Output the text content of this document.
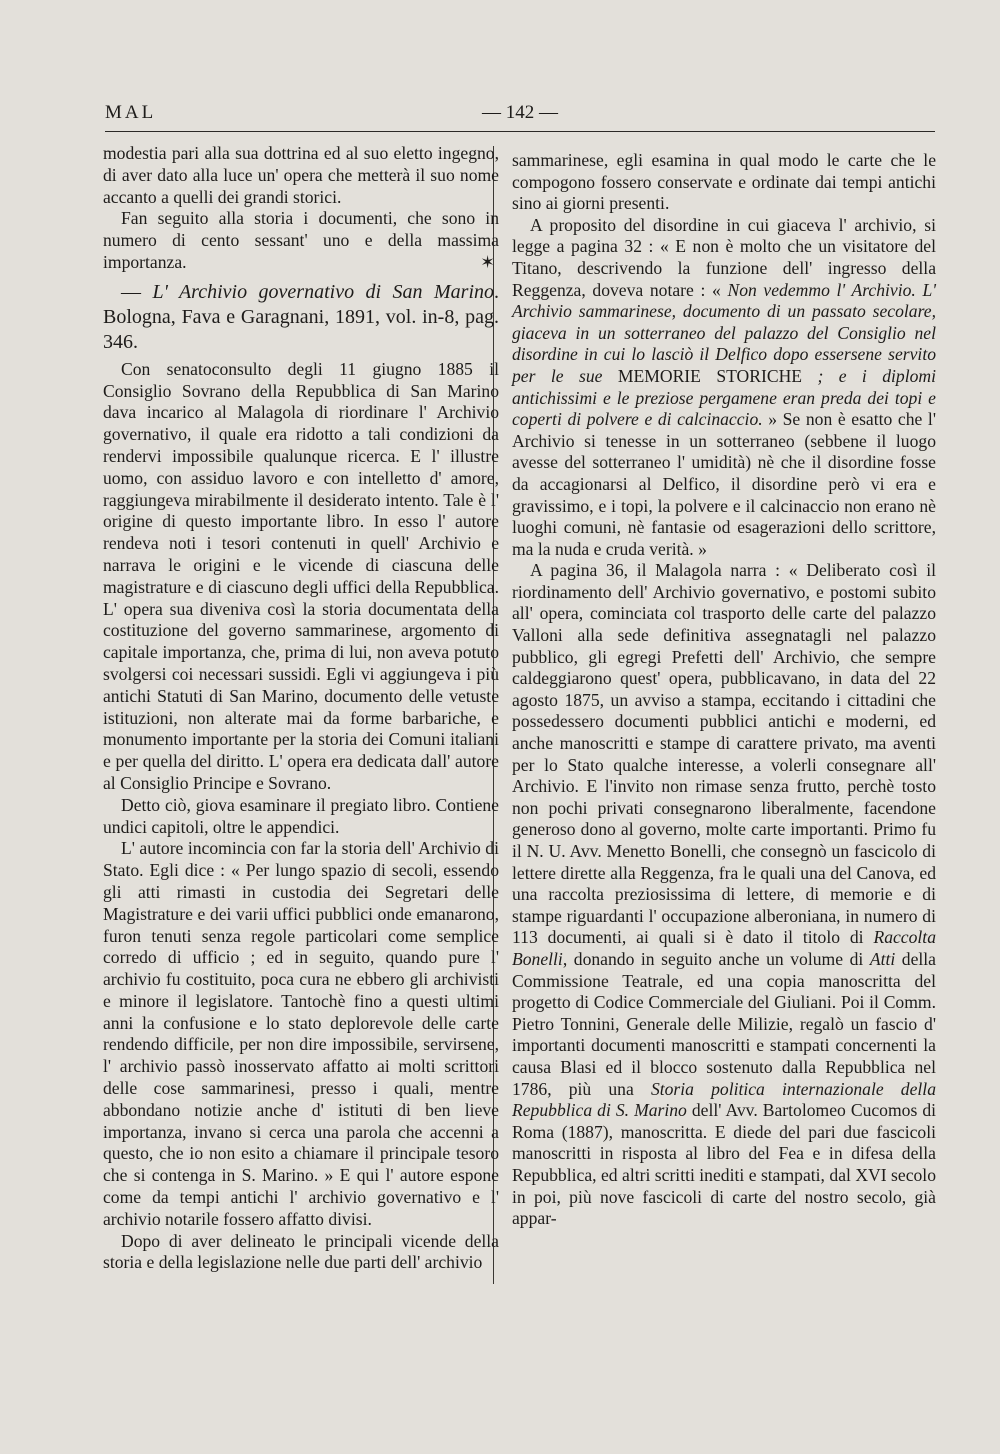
MAL	— 142 —

modestia pari alla sua dottrina ed al suo eletto ingegno, di aver dato alla luce un' opera che metterà il suo nome accanto a quelli dei grandi storici.

Fan seguito alla storia i documenti, che sono in numero di cento sessant' uno e della massima importanza.	✶

— L' Archivio governativo di San Marino. Bologna, Fava e Garagnani, 1891, vol. in-8, pag. 346.

Con senatoconsulto degli 11 giugno 1885 il Consiglio Sovrano della Repubblica di San Marino dava incarico al Malagola di riordinare l' Archivio governativo, il quale era ridotto a tali condizioni da rendervi impossibile qualunque ricerca. E l' illustre uomo, con assiduo lavoro e con intelletto d' amore, raggiungeva mirabilmente il desiderato intento. Tale è l' origine di questo importante libro. In esso l' autore rendeva noti i tesori contenuti in quell' Archivio e narrava le origini e le vicende di ciascuna delle magistrature e di ciascuno degli uffici della Repubblica. L' opera sua diveniva così la storia documentata della costituzione del governo sammarinese, argomento di capitale importanza, che, prima di lui, non aveva potuto svolgersi coi necessari sussidi. Egli vi aggiungeva i più antichi Statuti di San Marino, documento delle vetuste istituzioni, non alterate mai da forme barbariche, e monumento importante per la storia dei Comuni italiani e per quella del diritto. L' opera era dedicata dall' autore al Consiglio Principe e Sovrano.

Detto ciò, giova esaminare il pregiato libro. Contiene undici capitoli, oltre le appendici.

L' autore incomincia con far la storia dell' Archivio di Stato. Egli dice : « Per lungo spazio di secoli, essendo gli atti rimasti in custodia dei Segretari delle Magistrature e dei varii uffici pubblici onde emanarono, furon tenuti senza regole particolari come semplice corredo di ufficio ; ed in seguito, quando pure l' archivio fu costituito, poca cura ne ebbero gli archivisti e minore il legislatore. Tantochè fino a questi ultimi anni la confusione e lo stato deplorevole delle carte rendendo difficile, per non dire impossibile, servirsene, l' archivio passò inosservato affatto ai molti scrittori delle cose sammarinesi, presso i quali, mentre abbondano notizie anche d' istituti di ben lieve importanza, invano si cerca una parola che accenni a questo, che io non esito a chiamare il principale tesoro che si contenga in S. Marino. » E qui l' autore espone come da tempi antichi l' archivio governativo e l' archivio notarile fossero affatto divisi.

Dopo di aver delineato le principali vicende della storia e della legislazione nelle due parti dell' archivio

sammarinese, egli esamina in qual modo le carte che le compogono fossero conservate e ordinate dai tempi antichi sino ai giorni presenti.

A proposito del disordine in cui giaceva l' archivio, si legge a pagina 32 : « E non è molto che un visitatore del Titano, descrivendo la funzione dell' ingresso della Reggenza, doveva notare : « Non vedemmo l' Archivio. L' Archivio sammarinese, documento di un passato secolare, giaceva in un sotterraneo del palazzo del Consiglio nel disordine in cui lo lasciò il Delfico dopo essersene servito per le sue MEMORIE STORICHE ; e i diplomi antichissimi e le preziose pergamene eran preda dei topi e coperti di polvere e di calcinaccio. » Se non è esatto che l' Archivio si tenesse in un sotterraneo (sebbene il luogo avesse del sotterraneo l' umidità) nè che il disordine fosse da accagionarsi al Delfico, il disordine però vi era e gravissimo, e i topi, la polvere e il calcinaccio non erano nè luoghi comuni, nè fantasie od esagerazioni dello scrittore, ma la nuda e cruda verità. »

A pagina 36, il Malagola narra : « Deliberato così il riordinamento dell' Archivio governativo, e postomi subito all' opera, cominciata col trasporto delle carte del palazzo Valloni alla sede definitiva assegnatagli nel palazzo pubblico, gli egregi Prefetti dell' Archivio, che sempre caldeggiarono quest' opera, pubblicavano, in data del 22 agosto 1875, un avviso a stampa, eccitando i cittadini che possedessero documenti pubblici antichi e moderni, ed anche manoscritti e stampe di carattere privato, ma aventi per lo Stato qualche interesse, a volerli consegnare all' Archivio. E l'invito non rimase senza frutto, perchè tosto non pochi privati consegnarono liberalmente, facendone generoso dono al governo, molte carte importanti. Primo fu il N. U. Avv. Menetto Bonelli, che consegnò un fascicolo di lettere dirette alla Reggenza, fra le quali una del Canova, ed una raccolta preziosissima di lettere, di memorie e di stampe riguardanti l' occupazione alberoniana, in numero di 113 documenti, ai quali si è dato il titolo di Raccolta Bonelli, donando in seguito anche un volume di Atti della Commissione Teatrale, ed una copia manoscritta del progetto di Codice Commerciale del Giuliani. Poi il Comm. Pietro Tonnini, Generale delle Milizie, regalò un fascio d' importanti documenti manoscritti e stampati concernenti la causa Blasi ed il blocco sostenuto dalla Repubblica nel 1786, più una Storia politica internazionale della Repubblica di S. Marino dell' Avv. Bartolomeo Cucomos di Roma (1887), manoscritta. E diede del pari due fascicoli manoscritti in risposta al libro del Fea e in difesa della Repubblica, ed altri scritti inediti e stampati, dal XVI secolo in poi, più nove fascicoli di carte del nostro secolo, già appar-
